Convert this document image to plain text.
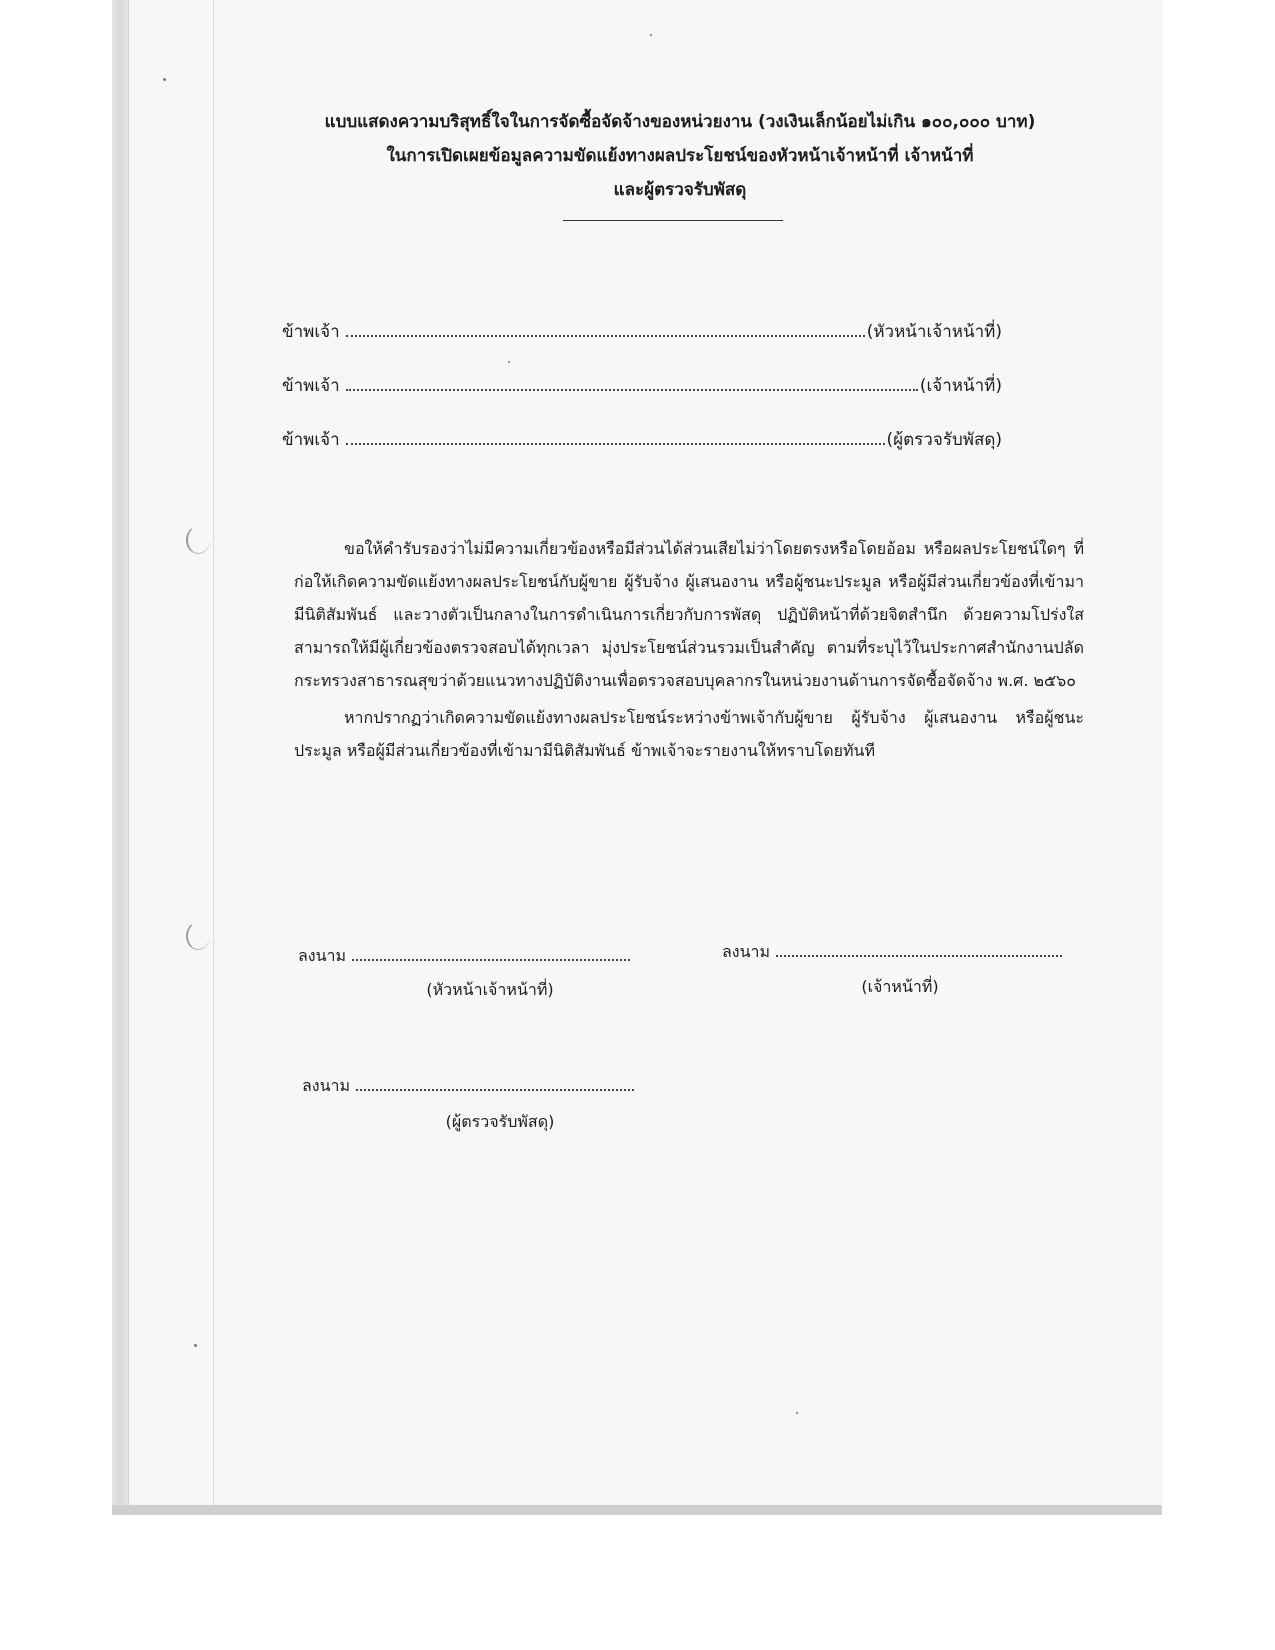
แบบแสดงความบริสุทธิ์ใจในการจัดซื้อจัดจ้างของหน่วยงาน (วงเงินเล็กน้อยไม่เกิน ๑๐๐,๐๐๐ บาท)
ในการเปิดเผยข้อมูลความขัดแย้งทางผลประโยชน์ของหัวหน้าเจ้าหน้าที่ เจ้าหน้าที่
และผู้ตรวจรับพัสดุ
ข้าพเจ้า	(หัวหน้าเจ้าหน้าที่)
ข้าพเจ้า	(เจ้าหน้าที่)
ข้าพเจ้า	(ผู้ตรวจรับพัสดุ)

ขอให้คำรับรองว่าไม่มีความเกี่ยวข้องหรือมีส่วนได้ส่วนเสียไม่ว่าโดยตรงหรือโดยอ้อม หรือผลประโยชน์ใดๆ ที่ก่อให้เกิดความขัดแย้งทางผลประโยชน์กับผู้ขาย ผู้รับจ้าง ผู้เสนองาน หรือผู้ชนะประมูล หรือผู้มีส่วนเกี่ยวข้องที่เข้ามามีนิติสัมพันธ์ และวางตัวเป็นกลางในการดำเนินการเกี่ยวกับการพัสดุ ปฏิบัติหน้าที่ด้วยจิตสำนึก ด้วยความโปร่งใส สามารถให้มีผู้เกี่ยวข้องตรวจสอบได้ทุกเวลา มุ่งประโยชน์ส่วนรวมเป็นสำคัญ ตามที่ระบุไว้ในประกาศสำนักงานปลัดกระทรวงสาธารณสุขว่าด้วยแนวทางปฏิบัติงานเพื่อตรวจสอบบุคลากรในหน่วยงานด้านการจัดซื้อจัดจ้าง พ.ศ. ๒๕๖๐

หากปรากฏว่าเกิดความขัดแย้งทางผลประโยชน์ระหว่างข้าพเจ้ากับผู้ขาย ผู้รับจ้าง ผู้เสนองาน หรือผู้ชนะประมูล หรือผู้มีส่วนเกี่ยวข้องที่เข้ามามีนิติสัมพันธ์ ข้าพเจ้าจะรายงานให้ทราบโดยทันที

ลงนาม
(หัวหน้าเจ้าหน้าที่)
ลงนาม
(เจ้าหน้าที่)
ลงนาม
(ผู้ตรวจรับพัสดุ)
